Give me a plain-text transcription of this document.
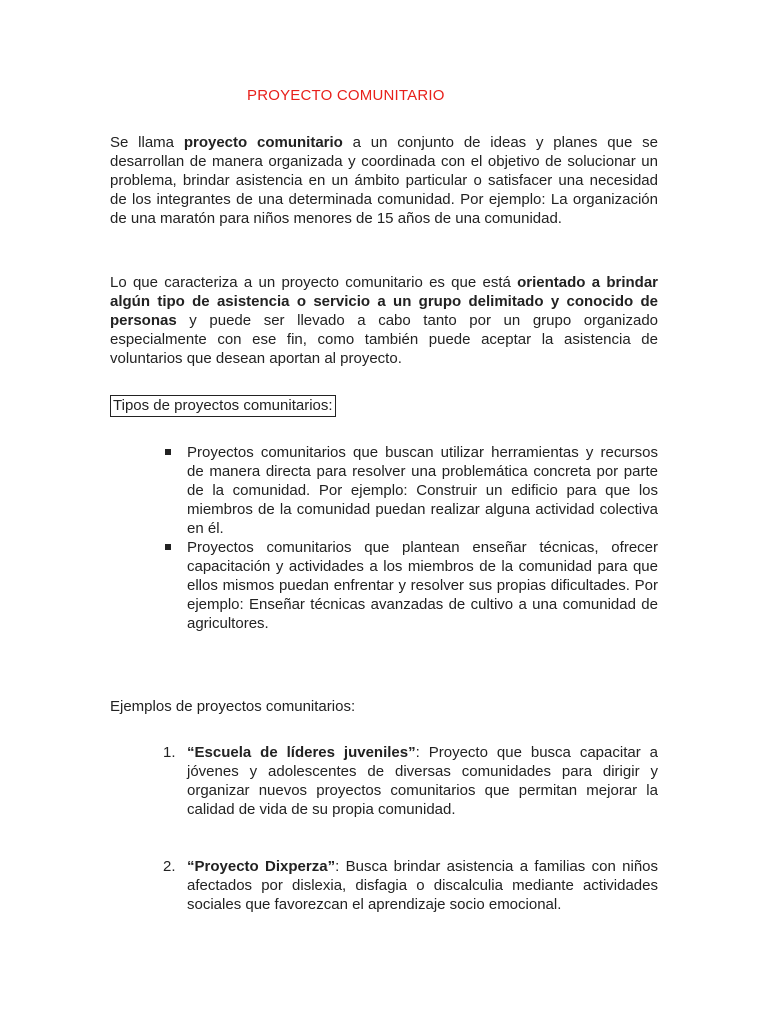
PROYECTO COMUNITARIO

Se llama proyecto comunitario a un conjunto de ideas y planes que se desarrollan de manera organizada y coordinada con el objetivo de solucionar un problema, brindar asistencia en un ámbito particular o satisfacer una necesidad de los integrantes de una determinada comunidad. Por ejemplo: La organización de una maratón para niños menores de 15 años de una comunidad.

Lo que caracteriza a un proyecto comunitario es que está orientado a brindar algún tipo de asistencia o servicio a un grupo delimitado y conocido de personas y puede ser llevado a cabo tanto por un grupo organizado especialmente con ese fin, como también puede aceptar la asistencia de voluntarios que desean aportan al proyecto.

Tipos de proyectos comunitarios:
Proyectos comunitarios que buscan utilizar herramientas y recursos de manera directa para resolver una problemática concreta por parte de la comunidad. Por ejemplo: Construir un edificio para que los miembros de la comunidad puedan realizar alguna actividad colectiva en él.
Proyectos comunitarios que plantean enseñar técnicas, ofrecer capacitación y actividades a los miembros de la comunidad para que ellos mismos puedan enfrentar y resolver sus propias dificultades. Por ejemplo: Enseñar técnicas avanzadas de cultivo a una comunidad de agricultores.

Ejemplos de proyectos comunitarios:

1. “Escuela de líderes juveniles”: Proyecto que busca capacitar a jóvenes y adolescentes de diversas comunidades para dirigir y organizar nuevos proyectos comunitarios que permitan mejorar la calidad de vida de su propia comunidad.
2. “Proyecto Dixperza”: Busca brindar asistencia a familias con niños afectados por dislexia, disfagia o discalculia mediante actividades sociales que favorezcan el aprendizaje socio emocional.
